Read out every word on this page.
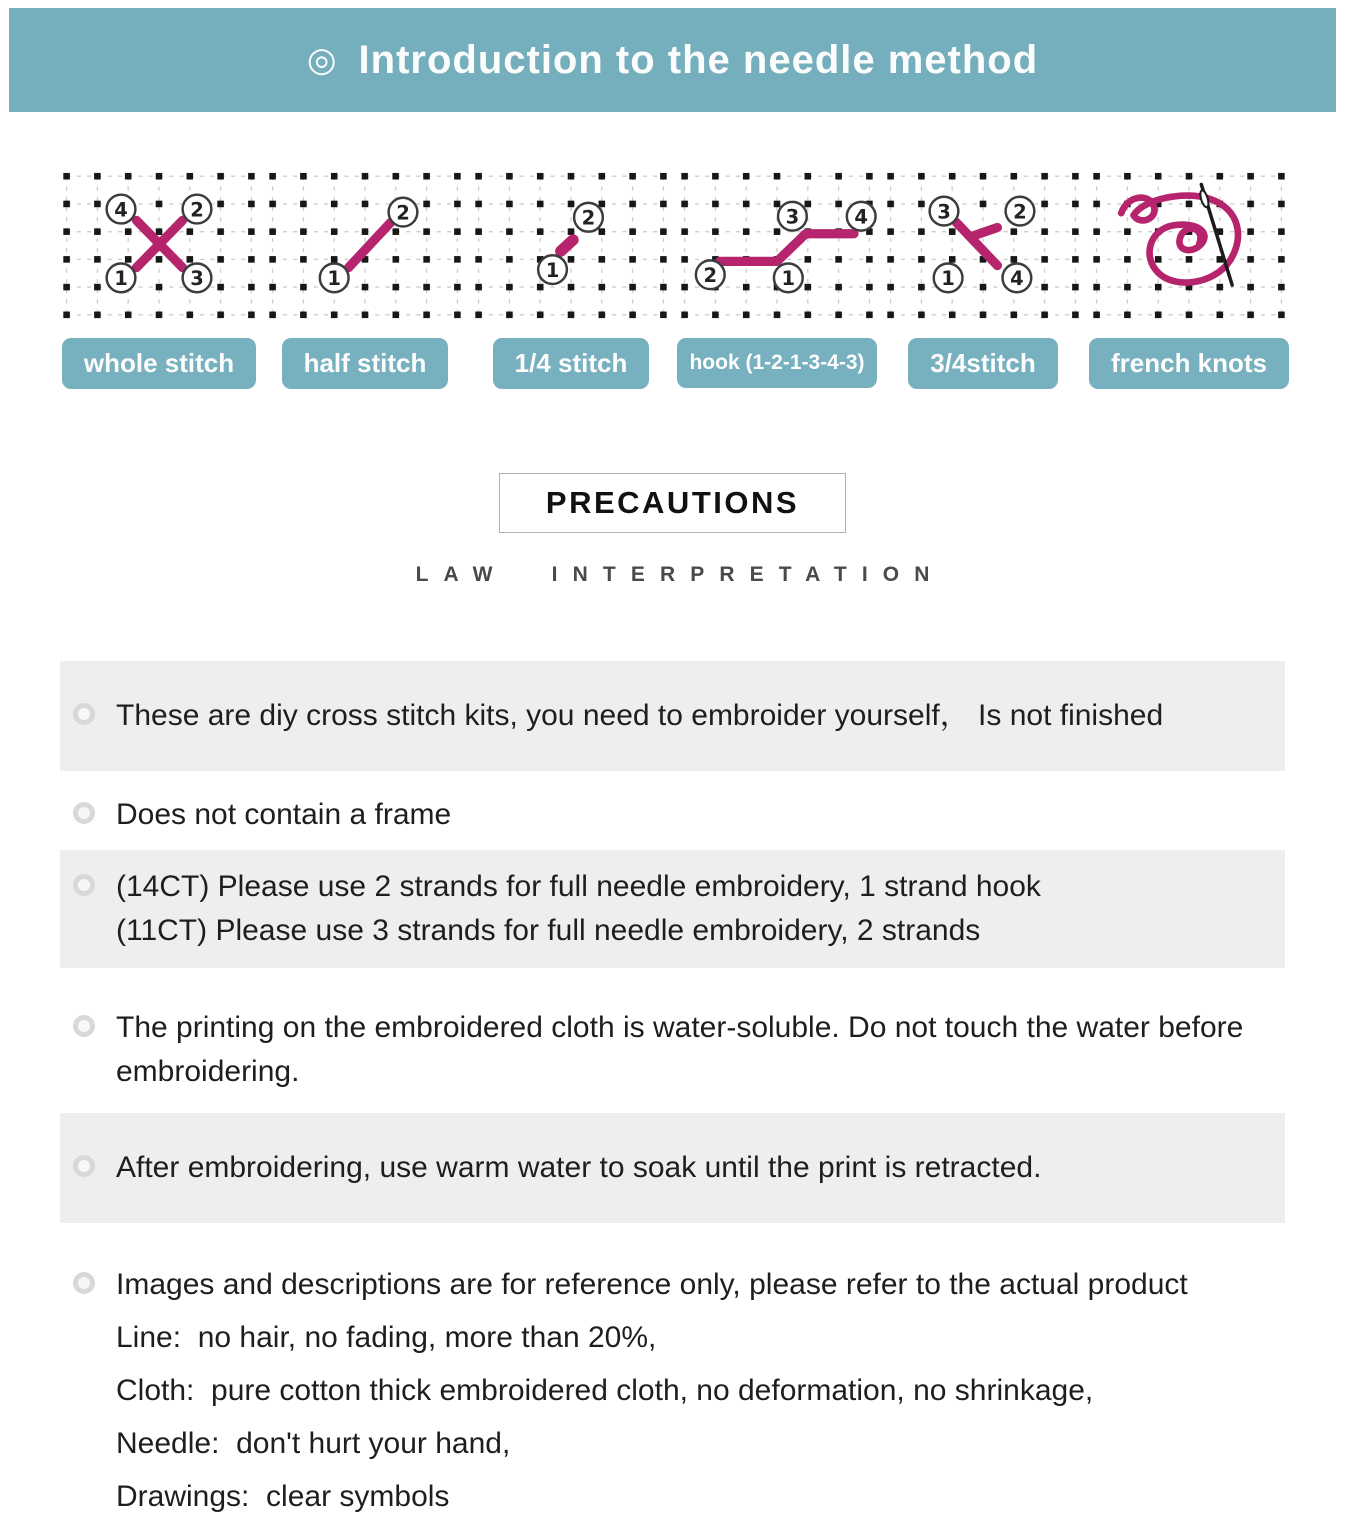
◎ Introduction to the needle method
4	2
1	3
whole stitch
1
2
half stitch
2
1
1/4 stitch
2	1
3	4
hook (1-2-1-3-4-3)
3	2
1	4
3/4stitch	french knots
PRECAUTIONS
LAW INTERPRETATION
These are diy cross stitch kits, you need to embroider yourself， Is not finished
Does not contain a frame
(14CT) Please use 2 strands for full needle embroidery, 1 strand hook
(11CT) Please use 3 strands for full needle embroidery, 2 strands
The printing on the embroidered cloth is water-soluble. Do not touch the water before embroidering.
After embroidering, use warm water to soak until the print is retracted.
Images and descriptions are for reference only, please refer to the actual product
Line:  no hair, no fading, more than 20%,
Cloth:  pure cotton thick embroidered cloth, no deformation, no shrinkage,
Needle:  don't hurt your hand,
Drawings:  clear symbols
